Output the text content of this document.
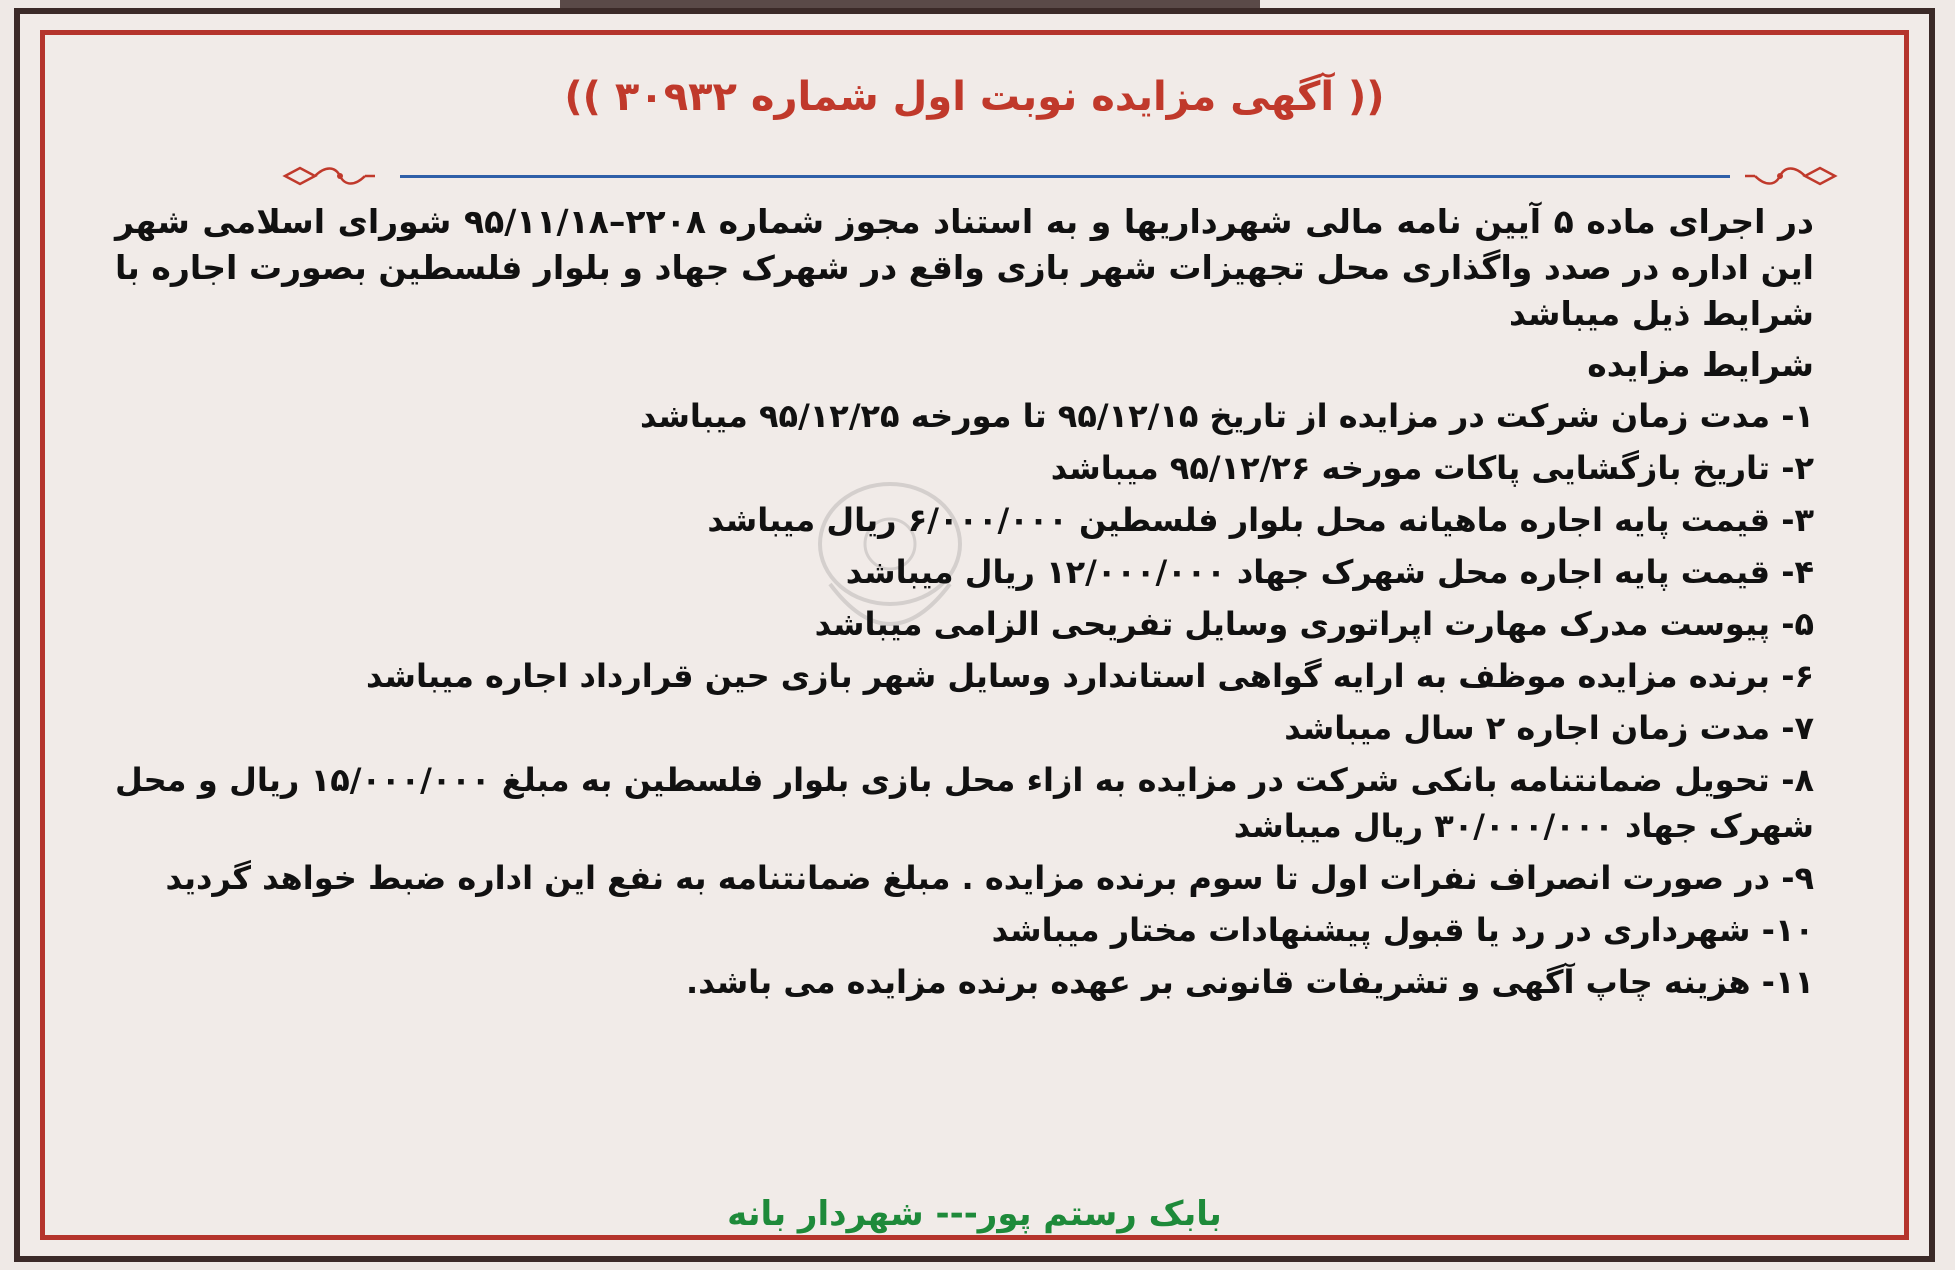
(( آگهی مزایده نوبت اول شماره ۳۰۹۳۲ ))

در اجرای ماده ۵ آیین نامه مالی شهرداریها و به استناد مجوز شماره ۲۲۰۸–۹۵/۱۱/۱۸ شورای اسلامی شهر این اداره در صدد واگذاری محل تجهیزات شهر بازی واقع در شهرک جهاد و بلوار فلسطین بصورت اجاره با شرایط ذیل میباشد

شرایط مزایده
۱- مدت زمان شرکت در مزایده از تاریخ ۹۵/۱۲/۱۵ تا مورخه ۹۵/۱۲/۲۵ میباشد
۲- تاریخ بازگشایی پاکات مورخه ۹۵/۱۲/۲۶ میباشد
۳- قیمت پایه اجاره ماهیانه محل بلوار فلسطین ۶/۰۰۰/۰۰۰ ریال میباشد
۴- قیمت پایه اجاره محل شهرک جهاد ۱۲/۰۰۰/۰۰۰ ریال میباشد
۵- پیوست مدرک مهارت اپراتوری وسایل تفریحی الزامی میباشد
۶- برنده مزایده موظف به ارایه گواهی استاندارد وسایل شهر بازی حین قرارداد اجاره میباشد
۷- مدت زمان اجاره ۲ سال میباشد
۸- تحویل ضمانتنامه بانکی شرکت در مزایده به ازاء محل بازی بلوار فلسطین به مبلغ ۱۵/۰۰۰/۰۰۰ ریال و محل شهرک جهاد ۳۰/۰۰۰/۰۰۰ ریال میباشد
۹- در صورت انصراف نفرات اول تا سوم برنده مزایده . مبلغ ضمانتنامه به نفع این اداره ضبط خواهد گردید
۱۰- شهرداری در رد یا قبول پیشنهادات مختار میباشد
۱۱- هزینه چاپ آگهی و تشریفات قانونی بر عهده برنده مزایده می باشد.
بابک رستم پور--- شهردار بانه
